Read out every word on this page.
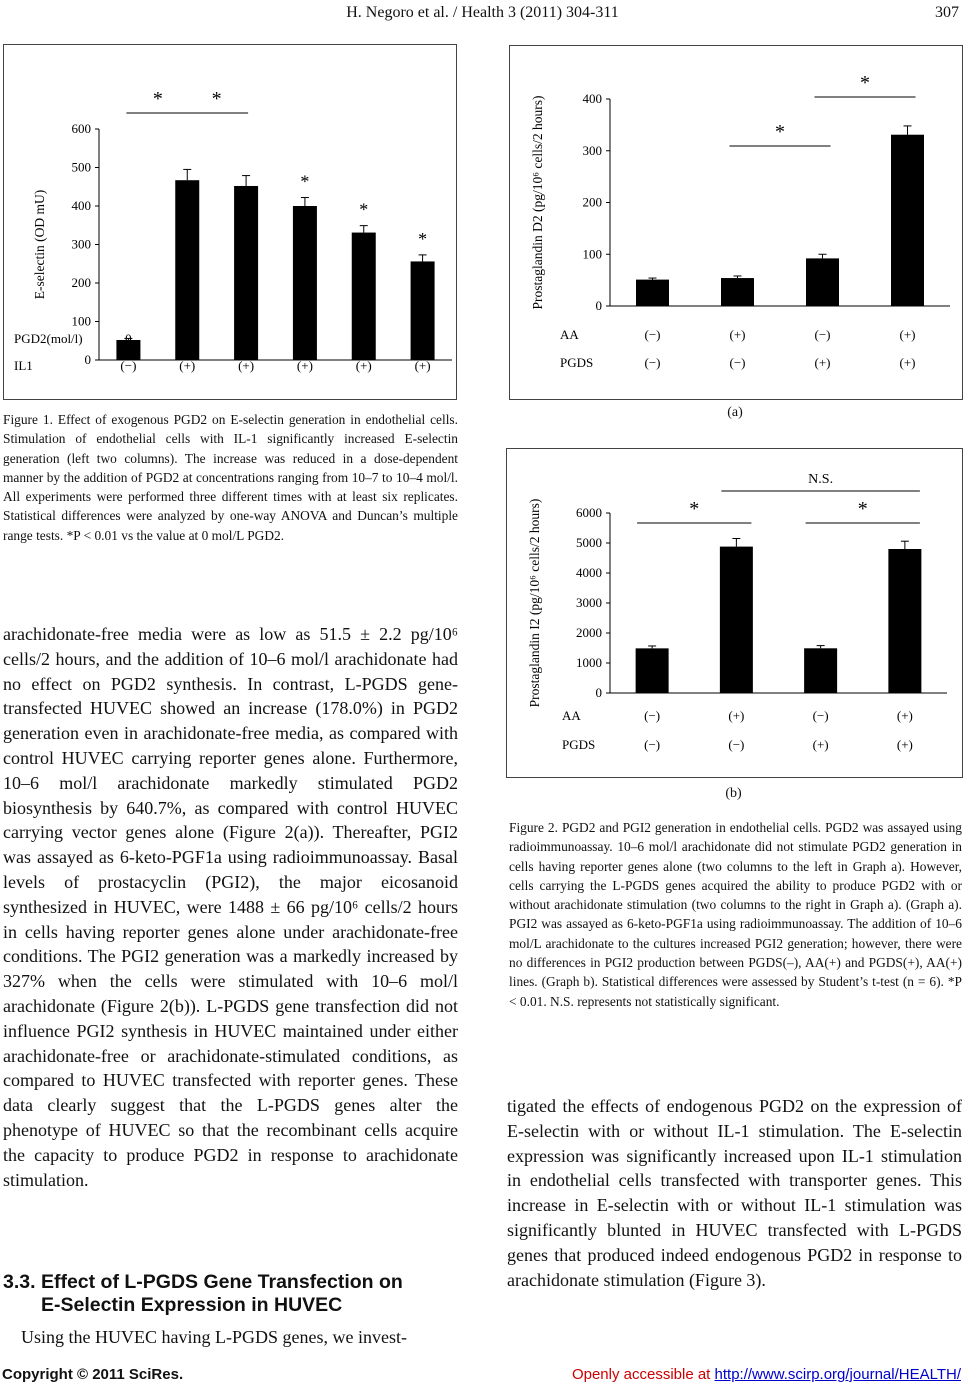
H. Negoro et al. / Health 3 (2011) 304-311	307
0
100
200
300
400
500
600
E-selectin (OD mU)
*
*
*
* *
PGD2(mol/l)	0	0	$10^{-7}$	$10^{-7}$	$10^{-7}$	$10^{-7}$
IL1	(−)	(+)	(+)	(+)	(+)	(+)
0
100
200
300
400
Prostaglandin D2 (pg/10⁶ cells/2 hours)	*
*
AA	(−)	(+)	(−)	(+)
PGDS	(−)	(−)	(+)	(+)
(a)
0
1000
2000
3000
4000
5000
6000
Prostaglandin I2 (pg/10⁶ cells/2 hours)	*	*
N.S.
AA	(−)	(+)	(−)	(+)
PGDS	(−)	(−)	(+)	(+)
(b)
Figure 1. Effect of exogenous PGD2 on E-selectin generation in endothelial cells. Stimulation of endothelial cells with IL-1 significantly increased E-selectin generation (left two columns). The increase was reduced in a dose-dependent manner by the addition of PGD2 at concentrations ranging from 10–7 to 10–4 mol/l. All experiments were performed three different times with at least six replicates. Statistical differences were analyzed by one-way ANOVA and Duncan’s multiple range tests. *P < 0.01 vs the value at 0 mol/L PGD2.
Figure 2. PGD2 and PGI2 generation in endothelial cells. PGD2 was assayed using radioimmunoassay. 10–6 mol/l arachidonate did not stimulate PGD2 generation in cells having reporter genes alone (two columns to the left in Graph a). However, cells carrying the L-PGDS genes acquired the ability to produce PGD2 with or without arachidonate stimulation (two columns to the right in Graph a). (Graph a). PGI2 was assayed as 6-keto-PGF1a using radioimmunoassay. The addition of 10–6 mol/L arachidonate to the cultures increased PGI2 generation; however, there were no differences in PGI2 production between PGDS(–), AA(+) and PGDS(+), AA(+) lines. (Graph b). Statistical differences were assessed by Student’s t-test (n = 6). *P < 0.01. N.S. represents not statistically significant.
arachidonate-free media were as low as 51.5 ± 2.2 pg/10⁶ cells/2 hours, and the addition of 10–6 mol/l arachidonate had no effect on PGD2 synthesis. In contrast, L-PGDS gene-transfected HUVEC showed an increase (178.0%) in PGD2 generation even in arachidonate-free media, as compared with control HUVEC carrying reporter genes alone. Furthermore, 10–6 mol/l arachidonate markedly stimulated PGD2 biosynthesis by 640.7%, as compared with control HUVEC carrying vector genes alone (Figure 2(a)). Thereafter, PGI2 was assayed as 6-keto-PGF1a using radioimmunoassay. Basal levels of prostacyclin (PGI2), the major eicosanoid synthesized in HUVEC, were 1488 ± 66 pg/10⁶ cells/2 hours in cells having reporter genes alone under arachidonate-free conditions. The PGI2 generation was a markedly increased by 327% when the cells were stimulated with 10–6 mol/l arachidonate (Figure 2(b)). L-PGDS gene transfection did not influence PGI2 synthesis in HUVEC maintained under either arachidonate-free or arachidonate-stimulated conditions, as compared to HUVEC transfected with reporter genes. These data clearly suggest that the L-PGDS genes alter the phenotype of HUVEC so that the recombinant cells acquire the capacity to produce PGD2 in response to arachidonate stimulation.
3.3. Effect of L-PGDS Gene Transfection on
E-Selectin Expression in HUVEC
Using the HUVEC having L-PGDS genes, we invest-
tigated the effects of endogenous PGD2 on the expression of E-selectin with or without IL-1 stimulation. The E-selectin expression was significantly increased upon IL-1 stimulation in endothelial cells transfected with transporter genes. This increase in E-selectin with or without IL-1 stimulation was significantly blunted in HUVEC transfected with L-PGDS genes that produced indeed endogenous PGD2 in response to arachidonate stimulation (Figure 3).
Copyright © 2011 SciRes.	Openly accessible at http://www.scirp.org/journal/HEALTH/
